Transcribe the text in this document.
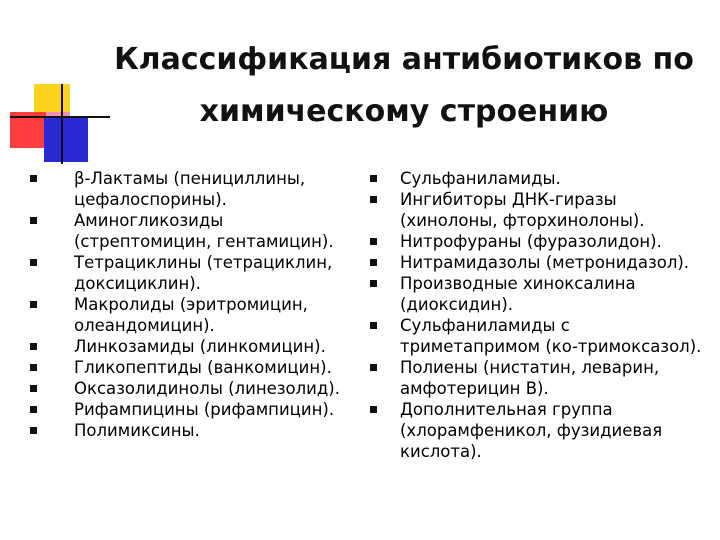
Классификация антибиотиков по химическому строению
β-Лактамы (пенициллины, цефалоспорины).
Аминогликозиды (стрептомицин, гентамицин).
Тетрациклины (тетрациклин, доксициклин).
Макролиды (эритромицин, олеандомицин).
Линкозамиды (линкомицин).
Гликопептиды (ванкомицин).
Оксазолидинолы (линезолид).
Рифампицины (рифампицин).
Полимиксины.
Сульфаниламиды.
Ингибиторы ДНК-гиразы (хинолоны, фторхинолоны).
Нитрофураны (фуразолидон).
Нитрамидазолы (метронидазол).
Производные хиноксалина (диоксидин).
Сульфаниламиды с триметапримом (ко-тримоксазол).
Полиены (нистатин, леварин, амфотерицин B).
Дополнительная группа (хлорамфеникол, фузидиевая кислота).
